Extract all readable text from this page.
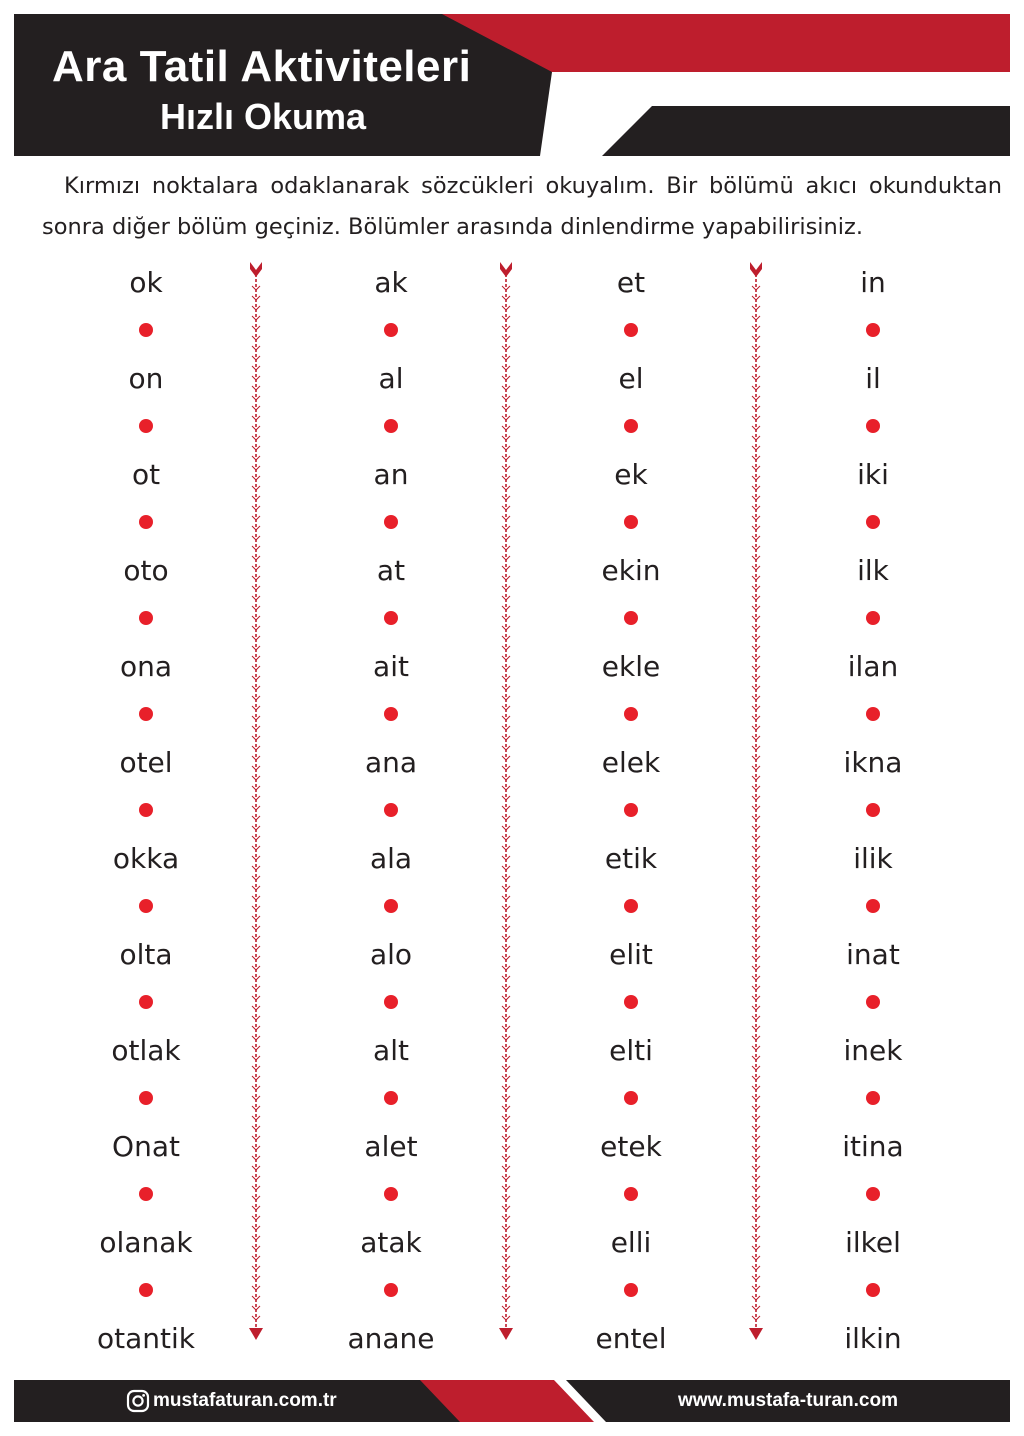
Ara Tatil Aktiviteleri
Hızlı Okuma

Kırmızı noktalara odaklanarak sözcükleri okuyalım. Bir bölümü akıcı okunduktan sonra diğer bölüm geçiniz. Bölümler arasında dinlendirme yapabilirisiniz.

ok
on
ot
oto
ona
otel
okka
olta
otlak
Onat
olanak
otantik
ak
al
an
at
ait
ana
ala
alo
alt
alet
atak
anane
et
el
ek
ekin
ekle
elek
etik
elit
elti
etek
elli
entel
in
il
iki
ilk
ilan
ikna
ilik
inat
inek
itina
ilkel
ilkin
mustafaturan.com.tr	www.mustafa-turan.com
